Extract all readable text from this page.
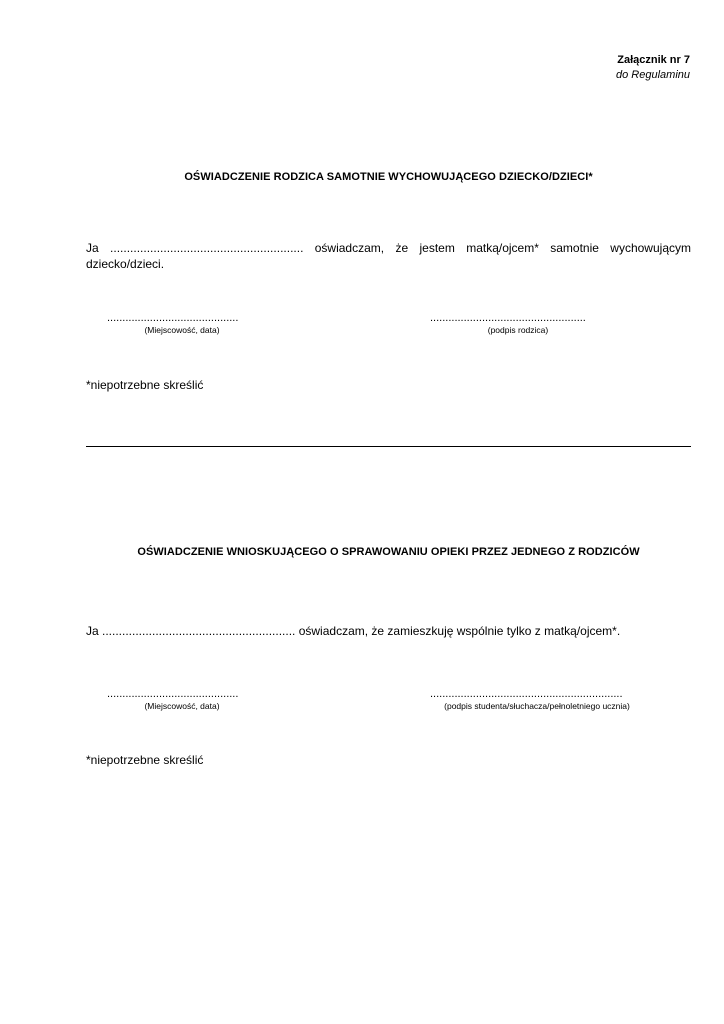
Załącznik nr 7
do Regulaminu
OŚWIADCZENIE RODZICA SAMOTNIE WYCHOWUJĄCEGO DZIECKO/DZIECI*
Ja .......................................................... oświadczam, że jestem matką/ojcem* samotnie wychowującym dziecko/dzieci.
...........................................
(Miejscowość, data)
...................................................
(podpis rodzica)
*niepotrzebne skreślić
OŚWIADCZENIE WNIOSKUJĄCEGO O SPRAWOWANIU OPIEKI PRZEZ JEDNEGO Z RODZICÓW
Ja .......................................................... oświadczam, że zamieszkuję wspólnie tylko z matką/ojcem*.
...........................................
(Miejscowość, data)
...............................................................
(podpis studenta/słuchacza/pełnoletniego ucznia)
*niepotrzebne skreślić
